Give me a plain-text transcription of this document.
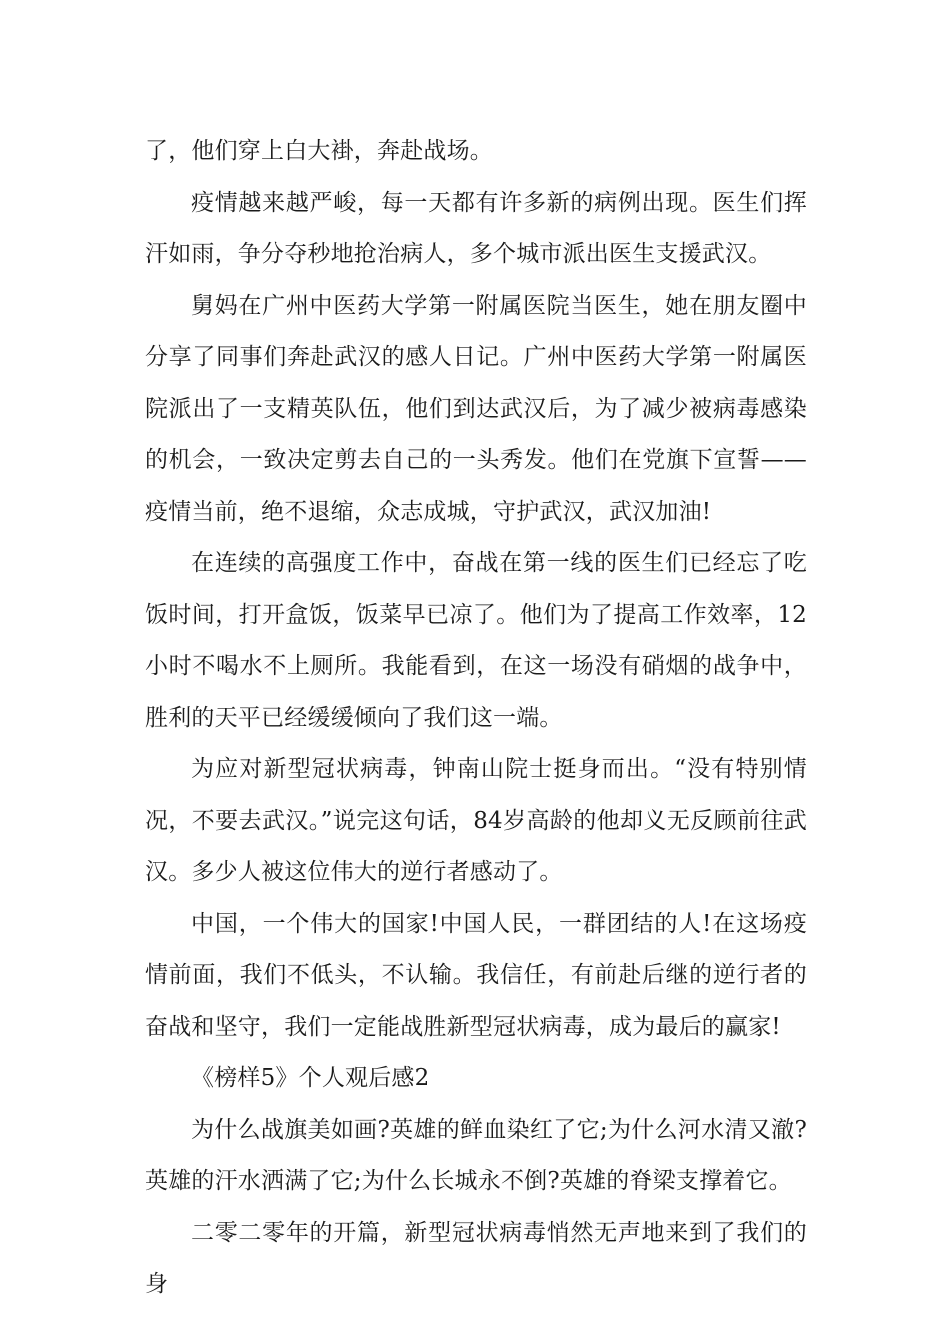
了，他们穿上白大褂，奔赴战场。

疫情越来越严峻，每一天都有许多新的病例出现。医生们挥汗如雨，争分夺秒地抢治病人，多个城市派出医生支援武汉。

舅妈在广州中医药大学第一附属医院当医生，她在朋友圈中分享了同事们奔赴武汉的感人日记。广州中医药大学第一附属医院派出了一支精英队伍，他们到达武汉后，为了减少被病毒感染的机会，一致决定剪去自己的一头秀发。他们在党旗下宣誓——疫情当前，绝不退缩，众志成城，守护武汉，武汉加油!

在连续的高强度工作中，奋战在第一线的医生们已经忘了吃饭时间，打开盒饭，饭菜早已凉了。他们为了提高工作效率，12小时不喝水不上厕所。我能看到，在这一场没有硝烟的战争中，胜利的天平已经缓缓倾向了我们这一端。

为应对新型冠状病毒，钟南山院士挺身而出。“没有特别情况，不要去武汉。”说完这句话，84岁高龄的他却义无反顾前往武汉。多少人被这位伟大的逆行者感动了。

中国，一个伟大的国家!中国人民，一群团结的人!在这场疫情前面，我们不低头，不认输。我信任，有前赴后继的逆行者的奋战和坚守，我们一定能战胜新型冠状病毒，成为最后的赢家!

《榜样5》个人观后感2

为什么战旗美如画?英雄的鲜血染红了它;为什么河水清又澈?英雄的汗水洒满了它;为什么长城永不倒?英雄的脊梁支撑着它。

二零二零年的开篇，新型冠状病毒悄然无声地来到了我们的身
